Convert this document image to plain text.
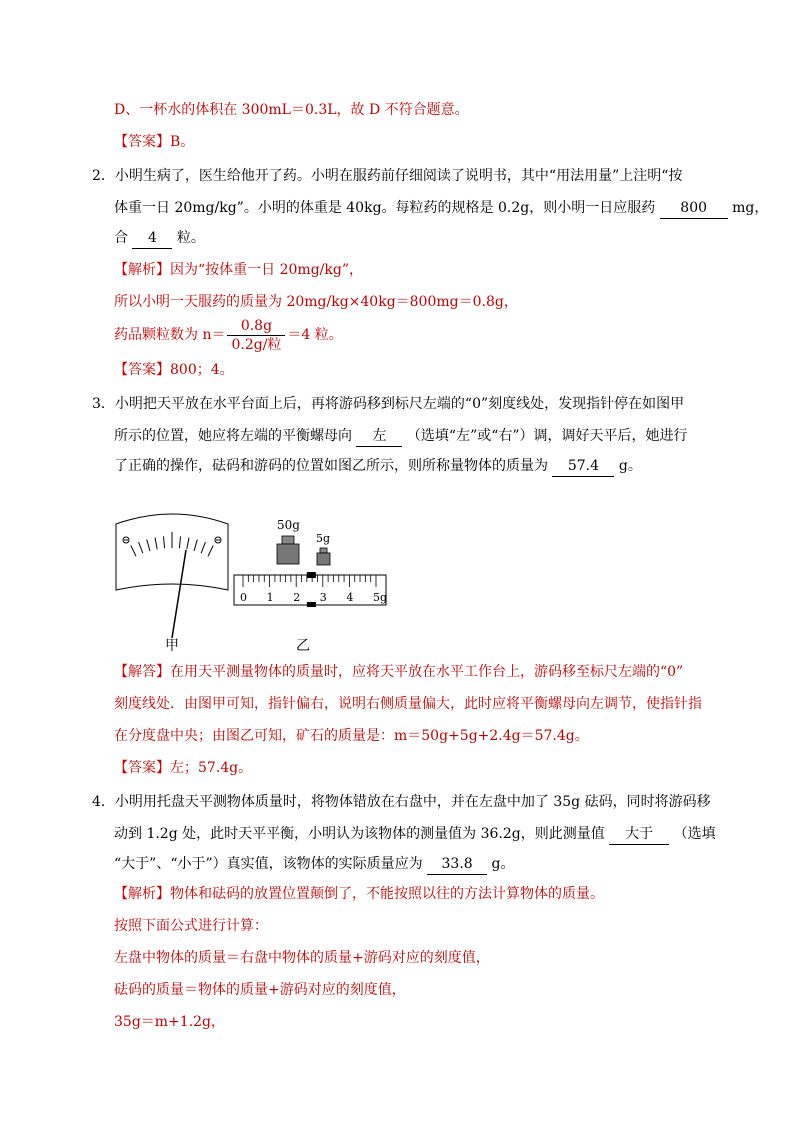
D、一杯水的体积在 300mL＝0.3L，故 D 不符合题意。
【答案】B。
2．小明生病了，医生给他开了药。小明在服药前仔细阅读了说明书，其中“用法用量”上注明“按
体重一日 20mg/kg”。小明的体重是 40kg。每粒药的规格是 0.2g，则小明一日应服药 800 mg，
合 4 粒。
【解析】因为“按体重一日 20mg/kg”，
所以小明一天服药的质量为 20mg/kg×40kg＝800mg＝0.8g，
药品颗粒数为 $n= \frac{0.8g}{\text{0.2g/粒}} =4$ 粒。
【答案】800；4。
3．小明把天平放在水平台面上后，再将游码移到标尺左端的“0”刻度线处，发现指针停在如图甲
所示的位置，她应将左端的平衡螺母向 左 （选填“左”或“右”）调，调好天平后，她进行
了正确的操作，砝码和游码的位置如图乙所示，则所称量物体的质量为 57.4 g。
甲
50g
5g
0 1 2 3 4 5g
乙
【解答】在用天平测量物体的质量时，应将天平放在水平工作台上，游码移至标尺左端的“0”
刻度线处．由图甲可知，指针偏右，说明右侧质量偏大，此时应将平衡螺母向左调节，使指针指
在分度盘中央；由图乙可知，矿石的质量是：m＝50g+5g+2.4g＝57.4g。
【答案】左；57.4g。
4．小明用托盘天平测物体质量时，将物体错放在右盘中，并在左盘中加了 35g 砝码，同时将游码移
动到 1.2g 处，此时天平平衡，小明认为该物体的测量值为 36.2g，则此测量值 大于 （选填
“大于”、“小于”）真实值，该物体的实际质量应为 33.8 g。
【解析】物体和砝码的放置位置颠倒了，不能按照以往的方法计算物体的质量。
按照下面公式进行计算：
左盘中物体的质量＝右盘中物体的质量+游码对应的刻度值，
砝码的质量＝物体的质量+游码对应的刻度值，
35g＝m+1.2g，
